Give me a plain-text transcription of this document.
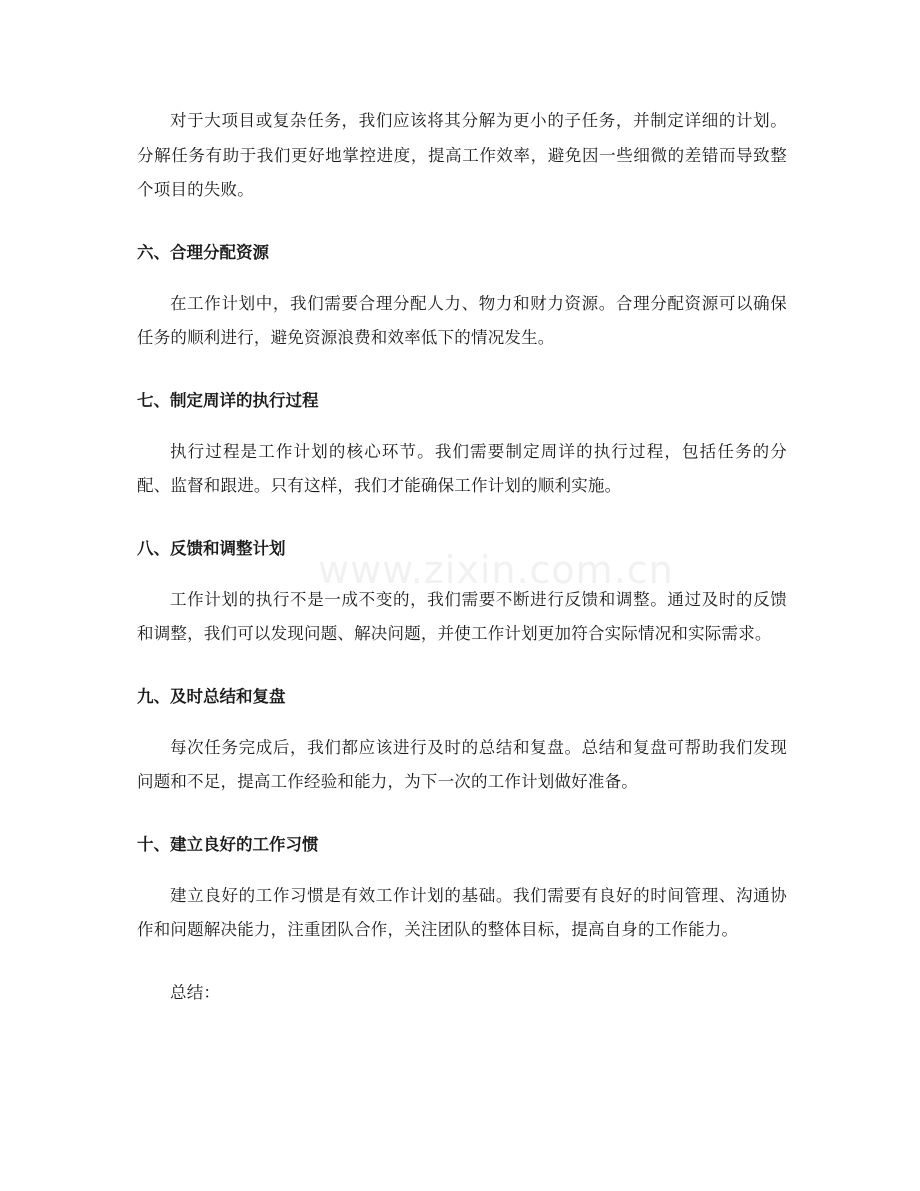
对于大项目或复杂任务，我们应该将其分解为更小的子任务，并制定详细的计划。分解任务有助于我们更好地掌控进度，提高工作效率，避免因一些细微的差错而导致整个项目的失败。

六、合理分配资源

在工作计划中，我们需要合理分配人力、物力和财力资源。合理分配资源可以确保任务的顺利进行，避免资源浪费和效率低下的情况发生。

七、制定周详的执行过程

执行过程是工作计划的核心环节。我们需要制定周详的执行过程，包括任务的分配、监督和跟进。只有这样，我们才能确保工作计划的顺利实施。

八、反馈和调整计划

工作计划的执行不是一成不变的，我们需要不断进行反馈和调整。通过及时的反馈和调整，我们可以发现问题、解决问题，并使工作计划更加符合实际情况和实际需求。

九、及时总结和复盘

每次任务完成后，我们都应该进行及时的总结和复盘。总结和复盘可帮助我们发现问题和不足，提高工作经验和能力，为下一次的工作计划做好准备。

十、建立良好的工作习惯

建立良好的工作习惯是有效工作计划的基础。我们需要有良好的时间管理、沟通协作和问题解决能力，注重团队合作，关注团队的整体目标，提高自身的工作能力。

总结：

www.zixin.com.cn
